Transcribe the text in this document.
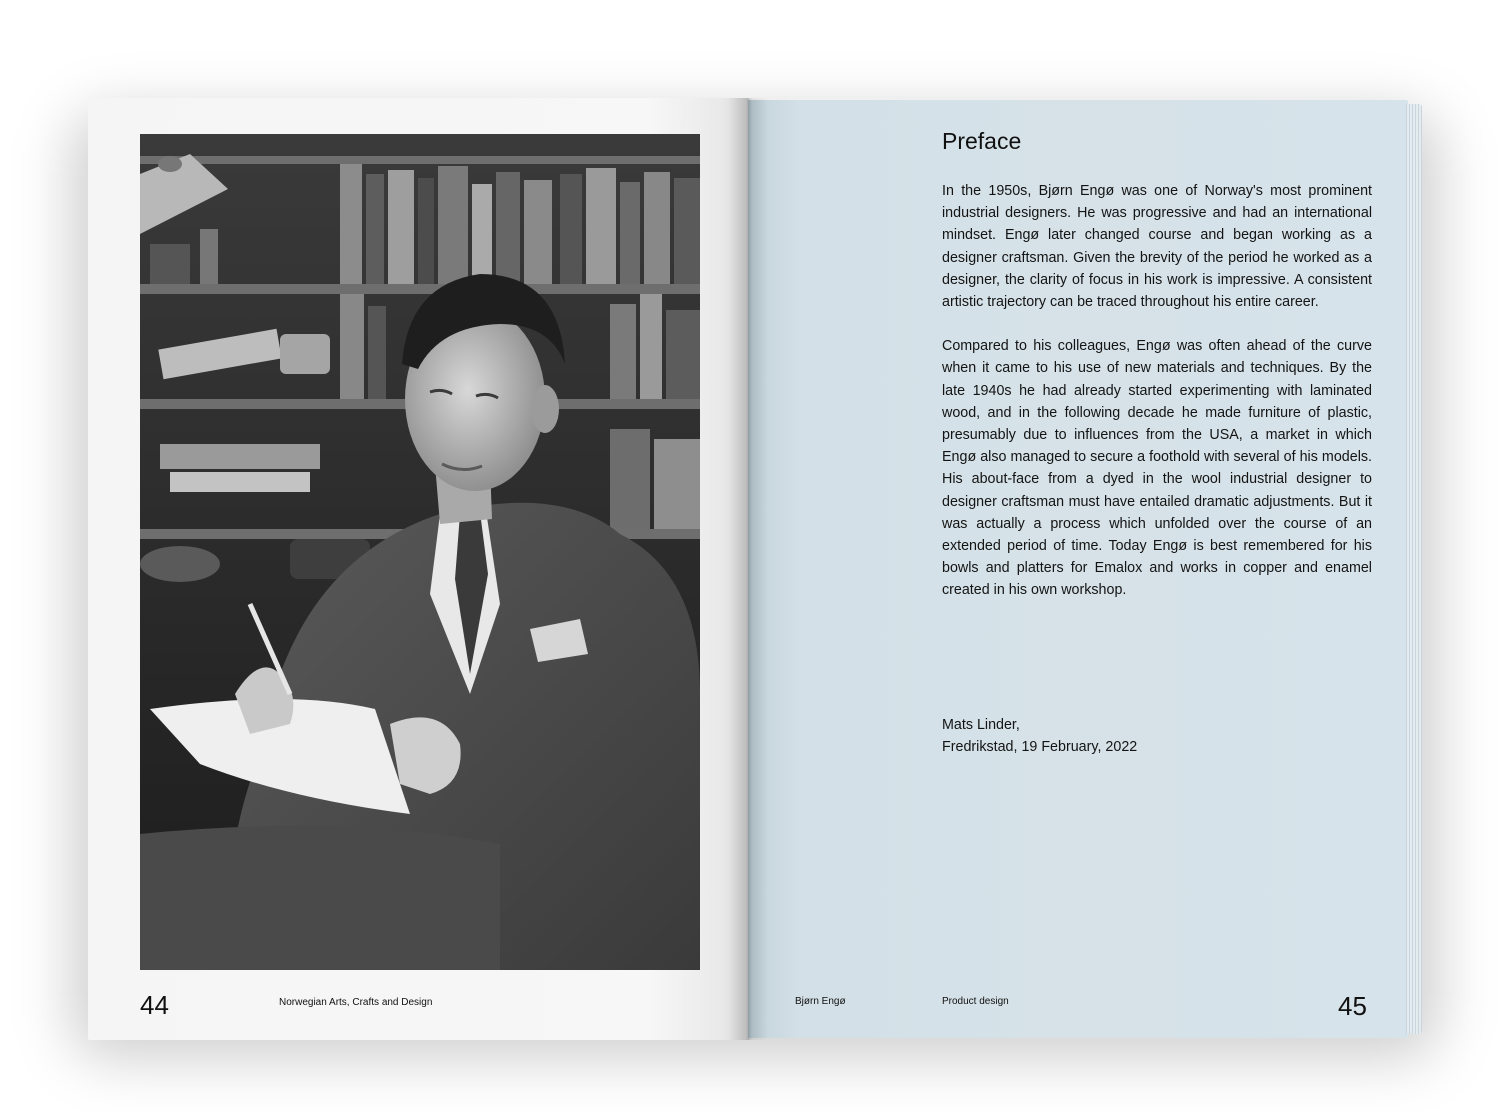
44	Norwegian Arts, Crafts and Design
Preface

In the 1950s, Bjørn Engø was one of Norway's most prominent industrial designers. He was progressive and had an international mindset. Engø later changed course and began working as a designer craftsman. Given the brevity of the period he worked as a designer, the clarity of focus in his work is impressive. A consistent artistic trajectory can be traced throughout his entire career.

Compared to his colleagues, Engø was often ahead of the curve when it came to his use of new materials and techniques. By the late 1940s he had already started experimenting with laminated wood, and in the following decade he made furniture of plastic, presumably due to influences from the USA, a market in which Engø also managed to secure a foothold with several of his models. His about-face from a dyed in the wool industrial designer to designer craftsman must have entailed dramatic adjustments. But it was actually a process which unfolded over the course of an extended period of time. Today Engø is best remembered for his bowls and platters for Emalox and works in copper and enamel created in his own workshop.

Mats Linder,
Fredrikstad, 19 February, 2022
Bjørn Engø	Product design	45
